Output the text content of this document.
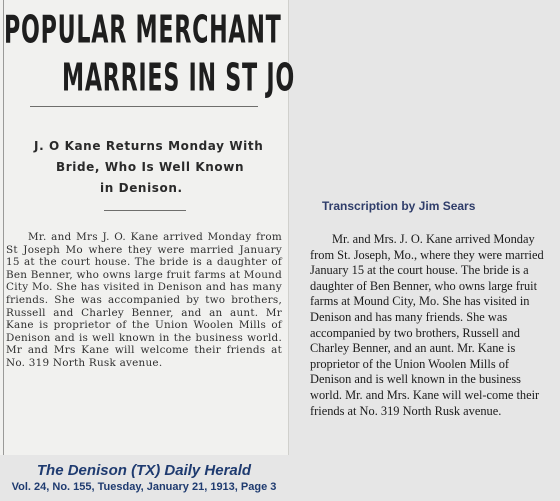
POPULAR MERCHANT
MARRIES IN ST JO
J. O Kane Returns Monday With
Bride, Who Is Well Known
in Denison.
Mr. and Mrs J. O. Kane arrived Monday from St Joseph Mo where they were married January 15 at the court house. The bride is a daughter of Ben Benner, who owns large fruit farms at Mound City Mo. She has visited in Denison and has many friends. She was accompanied by two brothers, Russell and Charley Benner, and an aunt. Mr Kane is proprietor of the Union Woolen Mills of Denison and is well known in the business world. Mr and Mrs Kane will welcome their friends at No. 319 North Rusk avenue.
The Denison (TX) Daily Herald
Vol. 24, No. 155, Tuesday, January 21, 1913, Page 3
Transcription by Jim Sears
Mr. and Mrs. J. O. Kane arrived Monday from St. Joseph, Mo., where they were married January 15 at the court house. The bride is a daughter of Ben Benner, who owns large fruit farms at Mound City, Mo. She has visited in Denison and has many friends. She was accompanied by two brothers, Russell and Charley Benner, and an aunt. Mr. Kane is proprietor of the Union Woolen Mills of Denison and is well known in the business world. Mr. and Mrs. Kane will wel-come their friends at No. 319 North Rusk avenue.
